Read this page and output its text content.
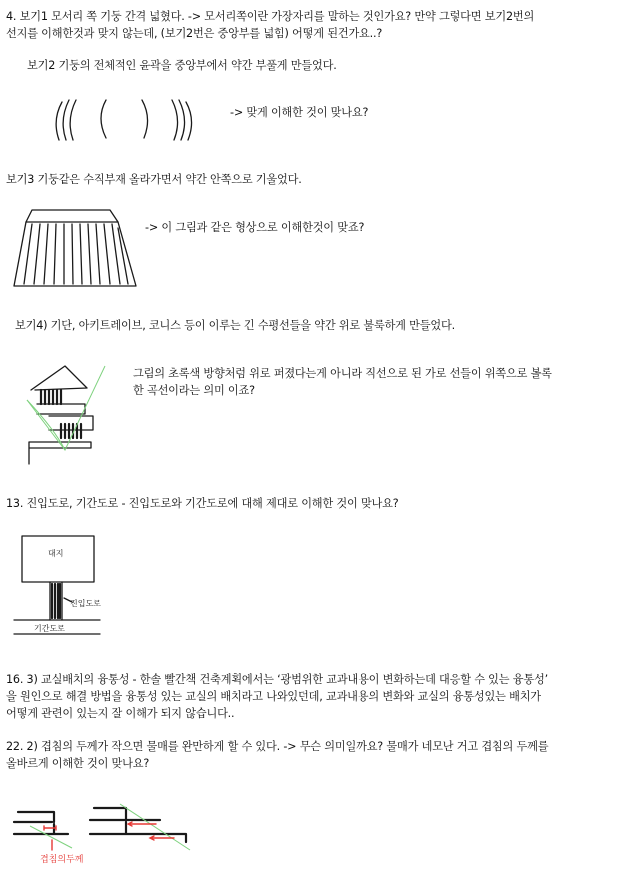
4. 보기1 모서리 쪽 기둥 간격 넓혔다. -> 모서리쪽이란 가장자리를 말하는 것인가요? 만약 그렇다면 보기2번의
선지를 이해한것과 맞지 않는데, (보기2번은 중앙부를 넓힘) 어떻게 된건가요..?
보기2 기둥의 전체적인 윤곽을 중앙부에서 약간 부풀게 만들었다.
-> 맞게 이해한 것이 맞나요?
보기3 기둥같은 수직부재 올라가면서 약간 안쪽으로 기울었다.
-> 이 그림과 같은 형상으로 이해한것이 맞죠?
보기4) 기단, 아키트레이브, 코니스 등이 이루는 긴 수평선들을 약간 위로 불룩하게 만들었다.
그림의 초록색 방향처럼 위로 퍼졌다는게 아니라 직선으로 된 가로 선들이 위쪽으로 볼록
한 곡선이라는 의미 이죠?
13. 진입도로, 기간도로 - 진입도로와 기간도로에 대해 제대로 이해한 것이 맞나요?
대지
진입도로
기간도로
16. 3) 교실배치의 융통성 - 한솔 빨간책 건축계획에서는 ‘광범위한 교과내용이 변화하는데 대응할 수 있는 융통성’
을 원인으로 해결 방법을 융통성 있는 교실의 배치라고 나와있던데, 교과내용의 변화와 교실의 융통성있는 배치가
어떻게 관련이 있는지 잘 이해가 되지 않습니다..
22. 2) 겹침의 두께가 작으면 물매를 완만하게 할 수 있다. -> 무슨 의미일까요? 물매가 네모난 거고 겹침의 두께를
올바르게 이해한 것이 맞나요?
겹침의두께
